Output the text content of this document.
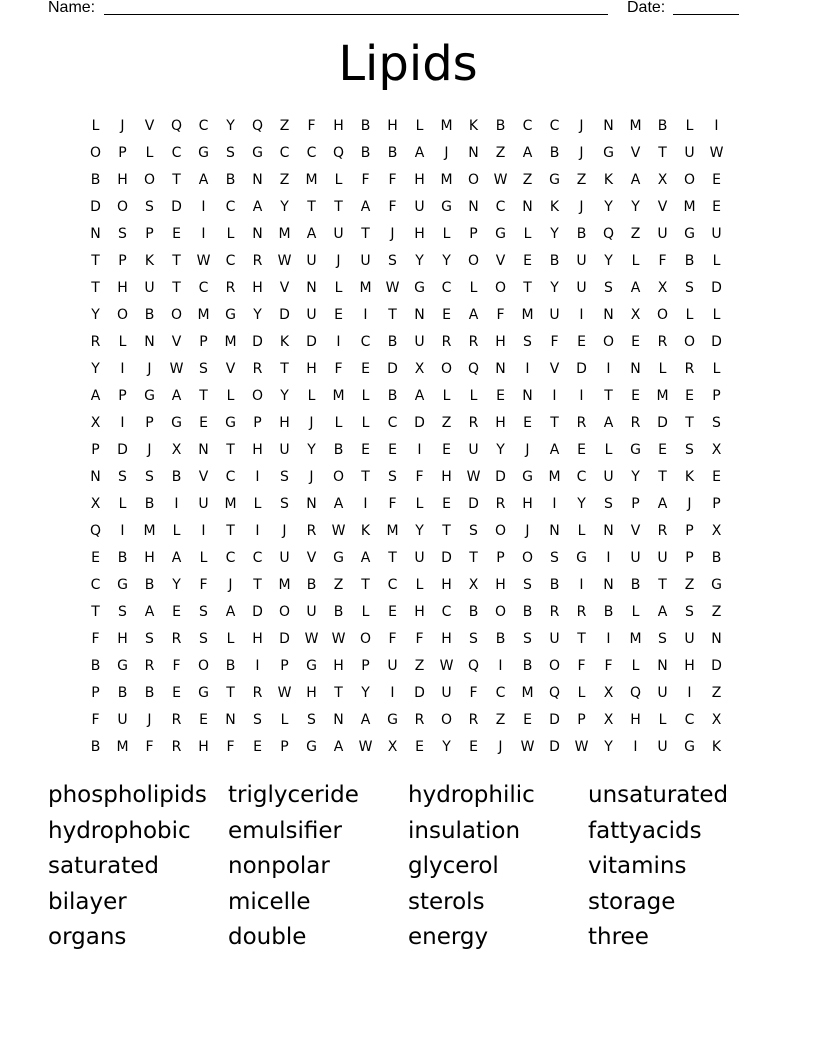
Name:	Date:
Lipids
L	J	V	Q	C	Y	Q	Z	F	H	B	H	L	M	K	B	C	C	J	N	M	B	L	I
O	P	L	C	G	S	G	C	C	Q	B	B	A	J	N	Z	A	B	J	G	V	T	U	W
B	H	O	T	A	B	N	Z	M	L	F	F	H	M	O	W	Z	G	Z	K	A	X	O	E
D	O	S	D	I	C	A	Y	T	T	A	F	U	G	N	C	N	K	J	Y	Y	V	M	E
N	S	P	E	I	L	N	M	A	U	T	J	H	L	P	G	L	Y	B	Q	Z	U	G	U
T	P	K	T	W	C	R	W	U	J	U	S	Y	Y	O	V	E	B	U	Y	L	F	B	L
T	H	U	T	C	R	H	V	N	L	M	W	G	C	L	O	T	Y	U	S	A	X	S	D
Y	O	B	O	M	G	Y	D	U	E	I	T	N	E	A	F	M	U	I	N	X	O	L	L
R	L	N	V	P	M	D	K	D	I	C	B	U	R	R	H	S	F	E	O	E	R	O	D
Y	I	J	W	S	V	R	T	H	F	E	D	X	O	Q	N	I	V	D	I	N	L	R	L
A	P	G	A	T	L	O	Y	L	M	L	B	A	L	L	E	N	I	I	T	E	M	E	P
X	I	P	G	E	G	P	H	J	L	L	C	D	Z	R	H	E	T	R	A	R	D	T	S
P	D	J	X	N	T	H	U	Y	B	E	E	I	E	U	Y	J	A	E	L	G	E	S	X
N	S	S	B	V	C	I	S	J	O	T	S	F	H	W	D	G	M	C	U	Y	T	K	E
X	L	B	I	U	M	L	S	N	A	I	F	L	E	D	R	H	I	Y	S	P	A	J	P
Q	I	M	L	I	T	I	J	R	W	K	M	Y	T	S	O	J	N	L	N	V	R	P	X
E	B	H	A	L	C	C	U	V	G	A	T	U	D	T	P	O	S	G	I	U	U	P	B
C	G	B	Y	F	J	T	M	B	Z	T	C	L	H	X	H	S	B	I	N	B	T	Z	G
T	S	A	E	S	A	D	O	U	B	L	E	H	C	B	O	B	R	R	B	L	A	S	Z
F	H	S	R	S	L	H	D	W W	O	F	F	H	S	B	S	U	T	I	M	S	U	N
B	G	R	F	O	B	I	P	G	H	P	U	Z	W	Q	I	B	O	F	F	L	N	H	D
P	B	B	E	G	T	R	W	H	T	Y	I	D	U	F	C	M	Q	L	X	Q	U	I	Z
F	U	J	R	E	N	S	L	S	N	A	G	R	O	R	Z	E	D	P	X	H	L	C	X
B	M	F	R	H	F	E	P	G	A	W	X	E	Y	E	J	W	D	W	Y	I	U	G	K
phospholipids triglyceride	hydrophilic	unsaturated
hydrophobic	emulsifier	insulation	fattyacids
saturated	nonpolar	glycerol	vitamins
bilayer	micelle	sterols	storage
organs	double	energy	three
